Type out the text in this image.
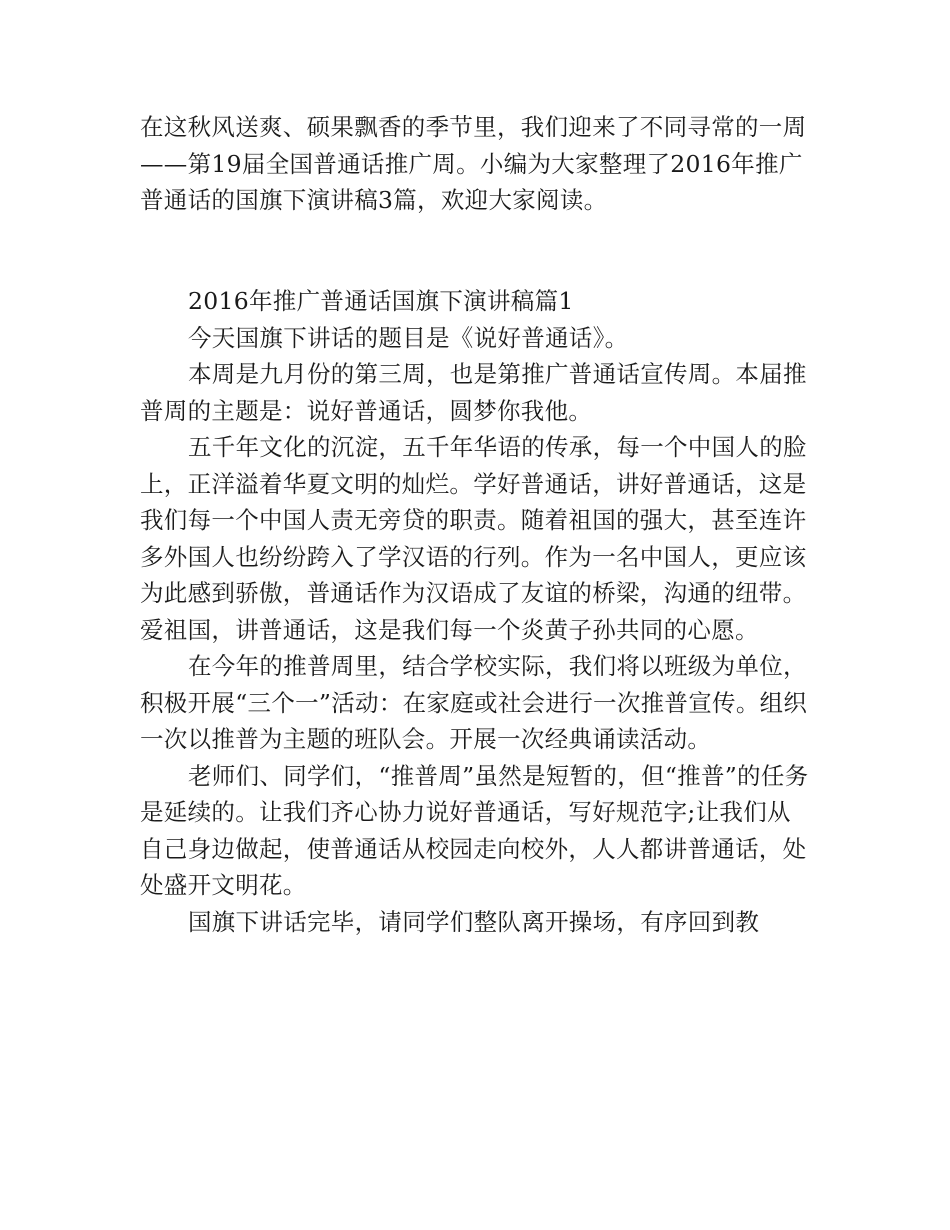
在这秋风送爽、硕果飘香的季节里，我们迎来了不同寻常的一周——第19届全国普通话推广周。小编为大家整理了2016年推广普通话的国旗下演讲稿3篇，欢迎大家阅读。

2016年推广普通话国旗下演讲稿篇1

今天国旗下讲话的题目是《说好普通话》。

本周是九月份的第三周，也是第推广普通话宣传周。本届推普周的主题是：说好普通话，圆梦你我他。

五千年文化的沉淀，五千年华语的传承，每一个中国人的脸上，正洋溢着华夏文明的灿烂。学好普通话，讲好普通话，这是我们每一个中国人责无旁贷的职责。随着祖国的强大，甚至连许多外国人也纷纷跨入了学汉语的行列。作为一名中国人，更应该为此感到骄傲，普通话作为汉语成了友谊的桥梁，沟通的纽带。爱祖国，讲普通话，这是我们每一个炎黄子孙共同的心愿。

在今年的推普周里，结合学校实际，我们将以班级为单位，积极开展“三个一”活动：在家庭或社会进行一次推普宣传。组织一次以推普为主题的班队会。开展一次经典诵读活动。

老师们、同学们，“推普周”虽然是短暂的，但“推普”的任务是延续的。让我们齐心协力说好普通话，写好规范字;让我们从自己身边做起，使普通话从校园走向校外，人人都讲普通话，处处盛开文明花。

国旗下讲话完毕，请同学们整队离开操场，有序回到教
